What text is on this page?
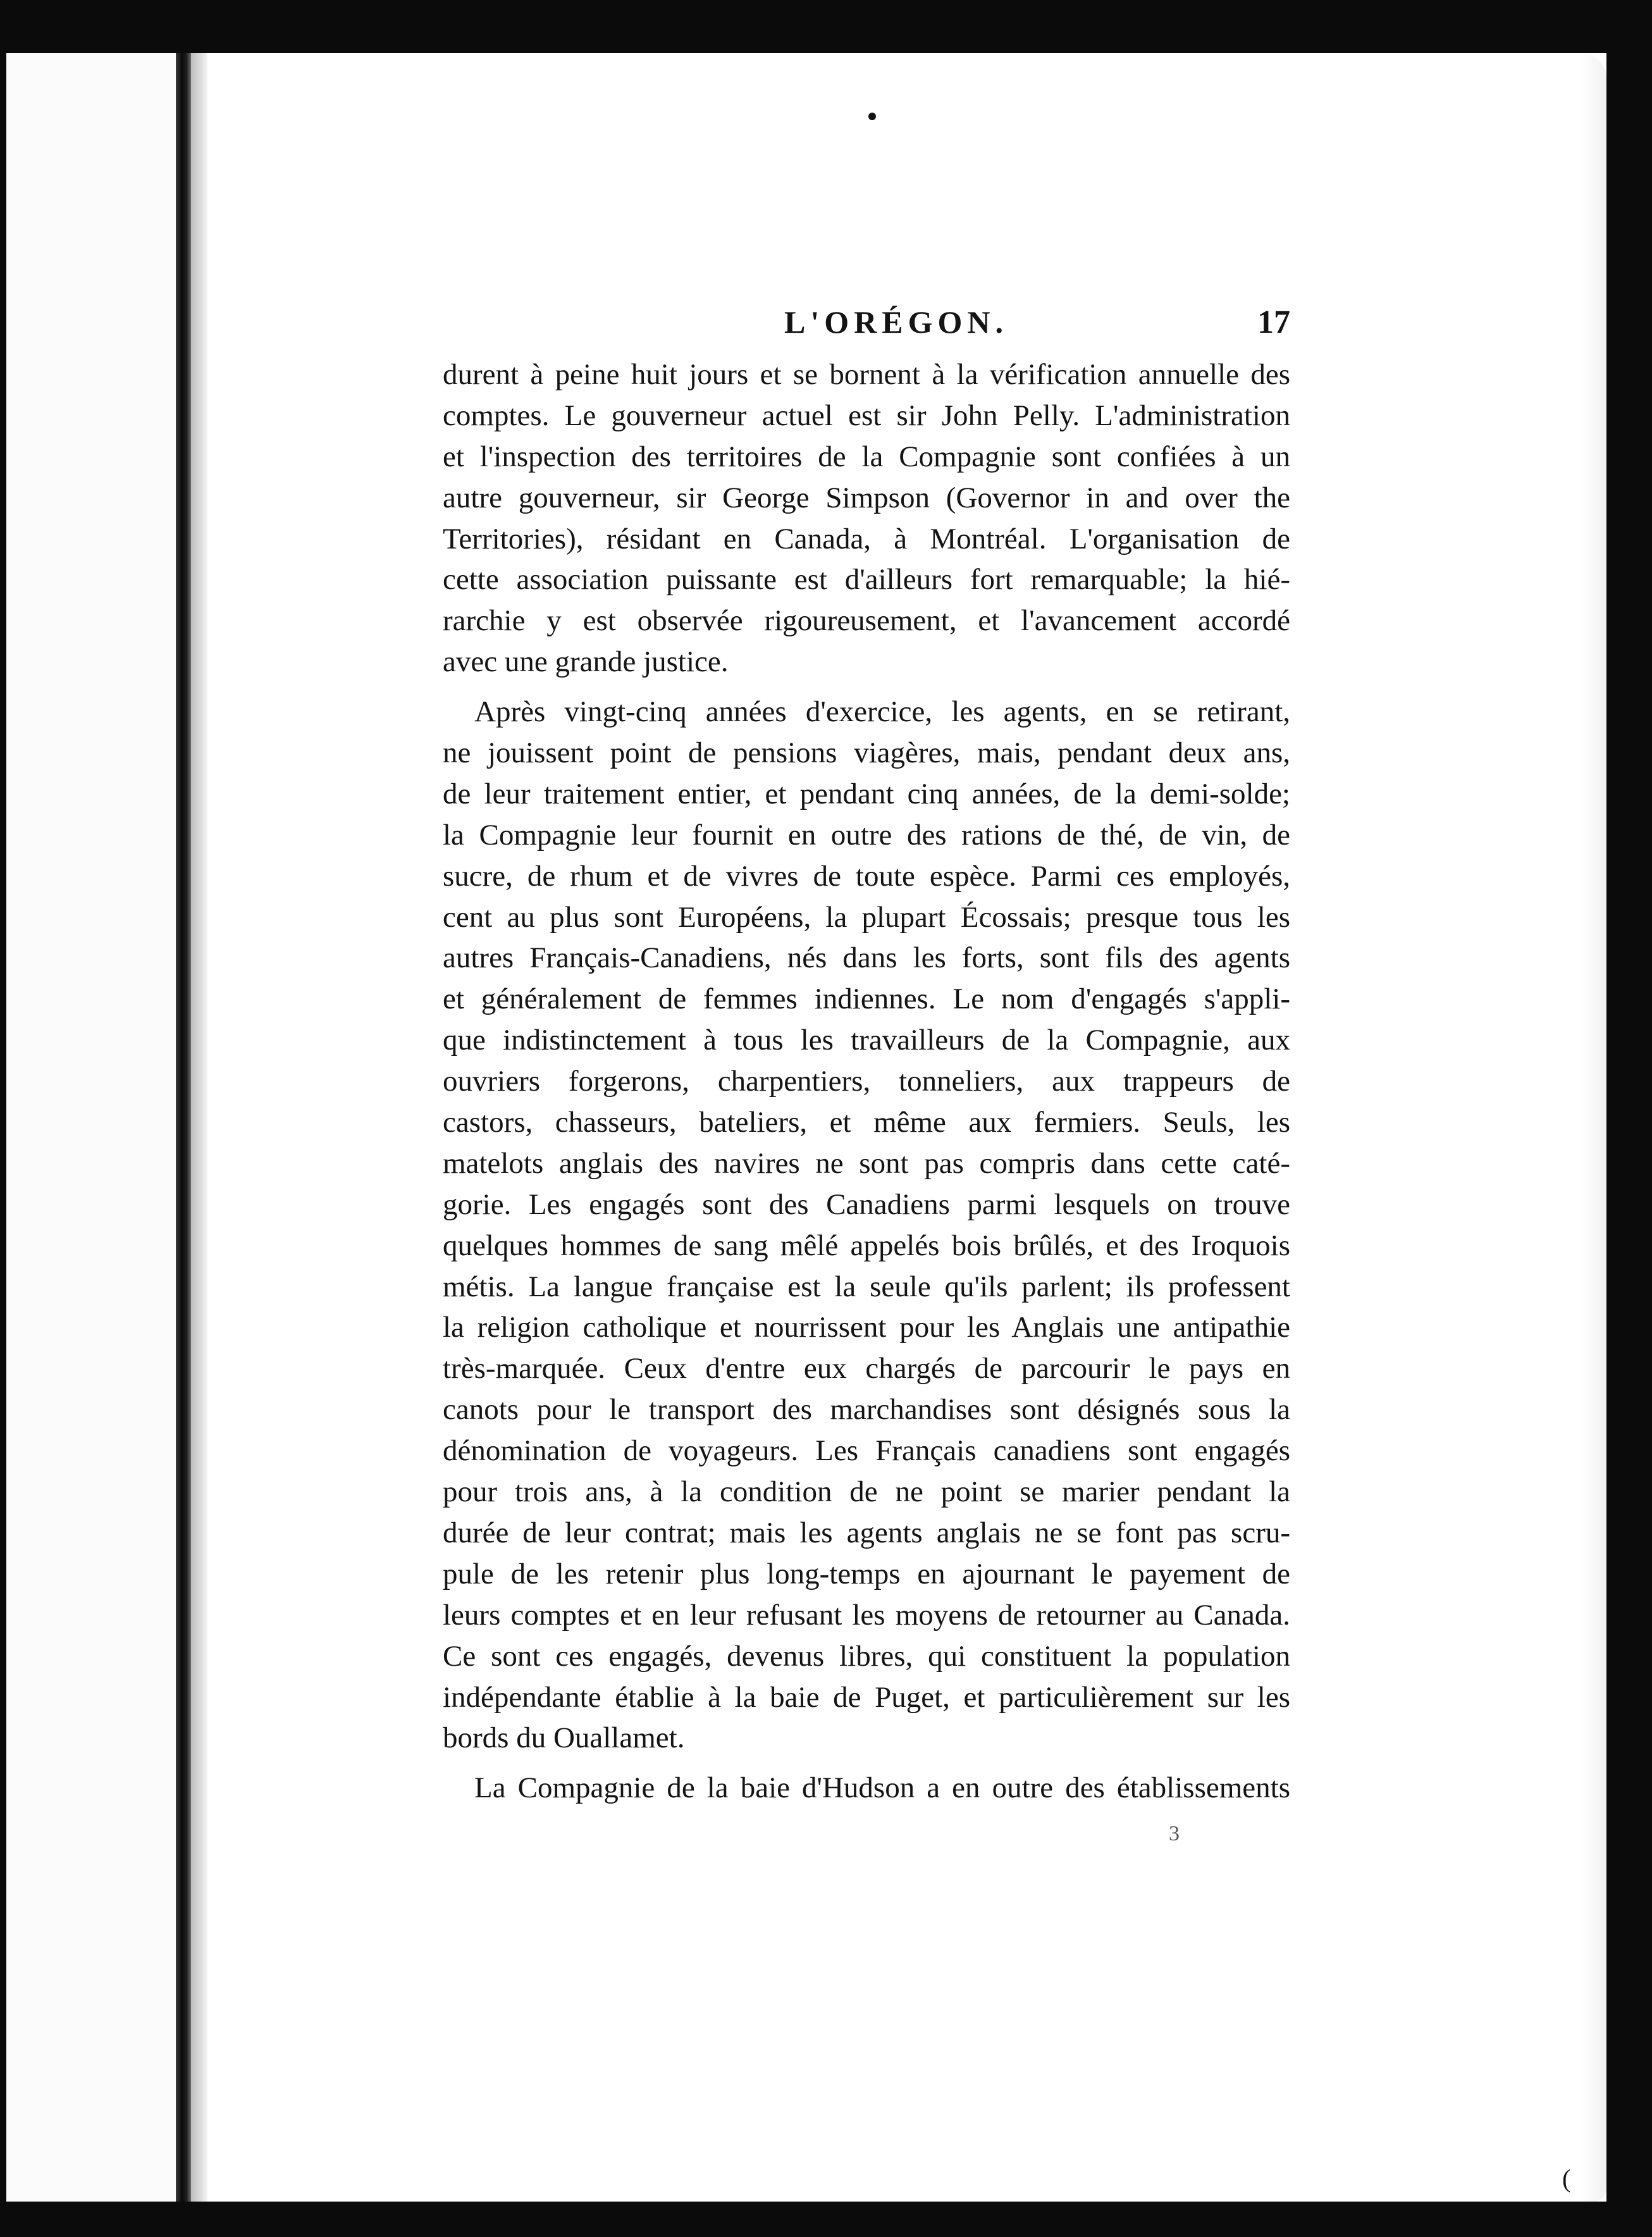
L'ORÉGON.	17
durent à peine huit jours et se bornent à la vérification annuelle des
comptes. Le gouverneur actuel est sir John Pelly. L'administration
et l'inspection des territoires de la Compagnie sont confiées à un
autre gouverneur, sir George Simpson (Governor in and over the
Territories), résidant en Canada, à Montréal. L'organisation de
cette association puissante est d'ailleurs fort remarquable; la hié-
rarchie y est observée rigoureusement, et l'avancement accordé
avec une grande justice.
Après vingt-cinq années d'exercice, les agents, en se retirant,
ne jouissent point de pensions viagères, mais, pendant deux ans,
de leur traitement entier, et pendant cinq années, de la demi-solde;
la Compagnie leur fournit en outre des rations de thé, de vin, de
sucre, de rhum et de vivres de toute espèce. Parmi ces employés,
cent au plus sont Européens, la plupart Écossais; presque tous les
autres Français-Canadiens, nés dans les forts, sont fils des agents
et généralement de femmes indiennes. Le nom d'engagés s'appli-
que indistinctement à tous les travailleurs de la Compagnie, aux
ouvriers forgerons, charpentiers, tonneliers, aux trappeurs de
castors, chasseurs, bateliers, et même aux fermiers. Seuls, les
matelots anglais des navires ne sont pas compris dans cette caté-
gorie. Les engagés sont des Canadiens parmi lesquels on trouve
quelques hommes de sang mêlé appelés bois brûlés, et des Iroquois
métis. La langue française est la seule qu'ils parlent; ils professent
la religion catholique et nourrissent pour les Anglais une antipathie
très-marquée. Ceux d'entre eux chargés de parcourir le pays en
canots pour le transport des marchandises sont désignés sous la
dénomination de voyageurs. Les Français canadiens sont engagés
pour trois ans, à la condition de ne point se marier pendant la
durée de leur contrat; mais les agents anglais ne se font pas scru-
pule de les retenir plus long-temps en ajournant le payement de
leurs comptes et en leur refusant les moyens de retourner au Canada.
Ce sont ces engagés, devenus libres, qui constituent la population
indépendante établie à la baie de Puget, et particulièrement sur les
bords du Ouallamet.
La Compagnie de la baie d'Hudson a en outre des établissements
3
(
